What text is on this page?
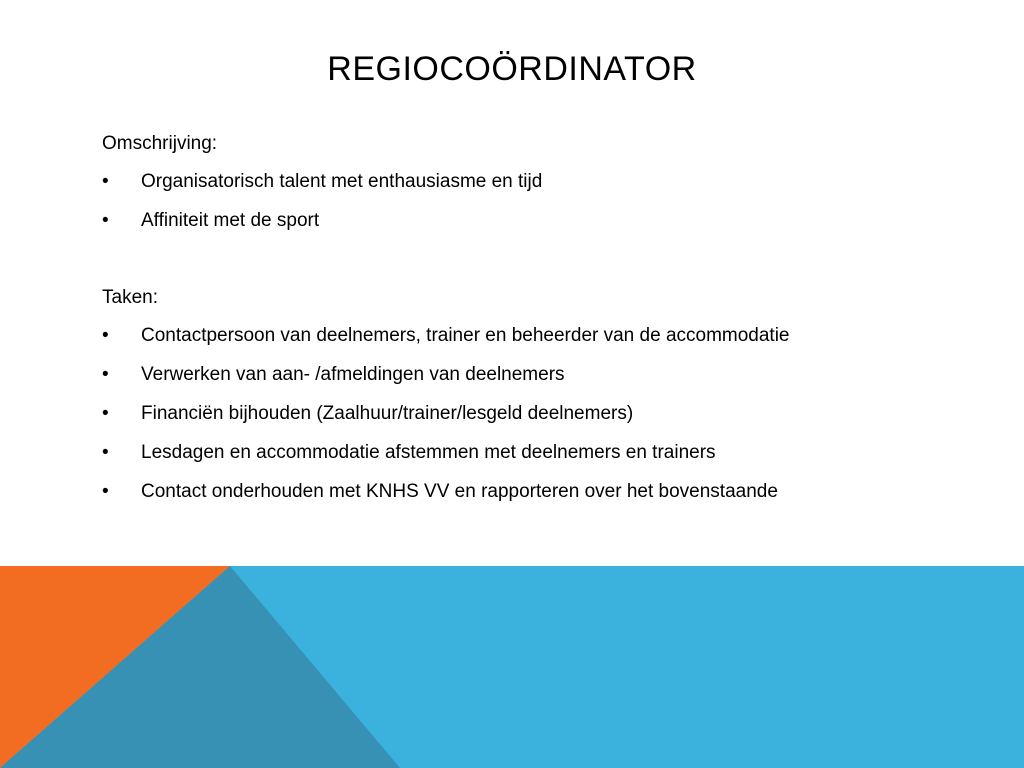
REGIOCOÖRDINATOR
Omschrijving:
• Organisatorisch talent met enthausiasme en tijd
• Affiniteit met de sport
Taken:
• Contactpersoon van deelnemers, trainer en beheerder van de accommodatie
• Verwerken van aan- /afmeldingen van deelnemers
• Financiën bijhouden (Zaalhuur/trainer/lesgeld deelnemers)
• Lesdagen en accommodatie afstemmen met deelnemers en trainers
• Contact onderhouden met KNHS VV en rapporteren over het bovenstaande
